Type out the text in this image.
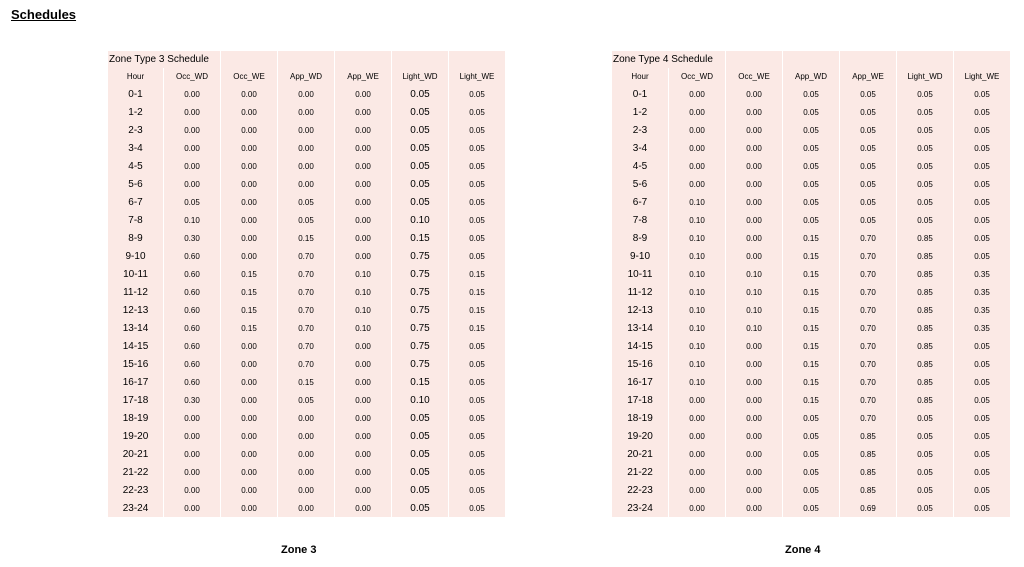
Schedules
Zone Type 3 Schedule						
Hour	Occ_WD	Occ_WE	App_WD	App_WE	Light_WD	Light_WE
0-1	0.00	0.00	0.00	0.00	0.05	0.05
1-2	0.00	0.00	0.00	0.00	0.05	0.05
2-3	0.00	0.00	0.00	0.00	0.05	0.05
3-4	0.00	0.00	0.00	0.00	0.05	0.05
4-5	0.00	0.00	0.00	0.00	0.05	0.05
5-6	0.00	0.00	0.00	0.00	0.05	0.05
6-7	0.05	0.00	0.05	0.00	0.05	0.05
7-8	0.10	0.00	0.05	0.00	0.10	0.05
8-9	0.30	0.00	0.15	0.00	0.15	0.05
9-10	0.60	0.00	0.70	0.00	0.75	0.05
10-11	0.60	0.15	0.70	0.10	0.75	0.15
11-12	0.60	0.15	0.70	0.10	0.75	0.15
12-13	0.60	0.15	0.70	0.10	0.75	0.15
13-14	0.60	0.15	0.70	0.10	0.75	0.15
14-15	0.60	0.00	0.70	0.00	0.75	0.05
15-16	0.60	0.00	0.70	0.00	0.75	0.05
16-17	0.60	0.00	0.15	0.00	0.15	0.05
17-18	0.30	0.00	0.05	0.00	0.10	0.05
18-19	0.00	0.00	0.00	0.00	0.05	0.05
19-20	0.00	0.00	0.00	0.00	0.05	0.05
20-21	0.00	0.00	0.00	0.00	0.05	0.05
21-22	0.00	0.00	0.00	0.00	0.05	0.05
22-23	0.00	0.00	0.00	0.00	0.05	0.05
23-24	0.00	0.00	0.00	0.00	0.05	0.05
Zone Type 4 Schedule						
Hour	Occ_WD	Occ_WE	App_WD	App_WE	Light_WD	Light_WE
0-1	0.00	0.00	0.05	0.05	0.05	0.05
1-2	0.00	0.00	0.05	0.05	0.05	0.05
2-3	0.00	0.00	0.05	0.05	0.05	0.05
3-4	0.00	0.00	0.05	0.05	0.05	0.05
4-5	0.00	0.00	0.05	0.05	0.05	0.05
5-6	0.00	0.00	0.05	0.05	0.05	0.05
6-7	0.10	0.00	0.05	0.05	0.05	0.05
7-8	0.10	0.00	0.05	0.05	0.05	0.05
8-9	0.10	0.00	0.15	0.70	0.85	0.05
9-10	0.10	0.00	0.15	0.70	0.85	0.05
10-11	0.10	0.10	0.15	0.70	0.85	0.35
11-12	0.10	0.10	0.15	0.70	0.85	0.35
12-13	0.10	0.10	0.15	0.70	0.85	0.35
13-14	0.10	0.10	0.15	0.70	0.85	0.35
14-15	0.10	0.00	0.15	0.70	0.85	0.05
15-16	0.10	0.00	0.15	0.70	0.85	0.05
16-17	0.10	0.00	0.15	0.70	0.85	0.05
17-18	0.00	0.00	0.15	0.70	0.85	0.05
18-19	0.00	0.00	0.05	0.70	0.05	0.05
19-20	0.00	0.00	0.05	0.85	0.05	0.05
20-21	0.00	0.00	0.05	0.85	0.05	0.05
21-22	0.00	0.00	0.05	0.85	0.05	0.05
22-23	0.00	0.00	0.05	0.85	0.05	0.05
23-24	0.00	0.00	0.05	0.69	0.05	0.05
Zone 3	Zone 4
